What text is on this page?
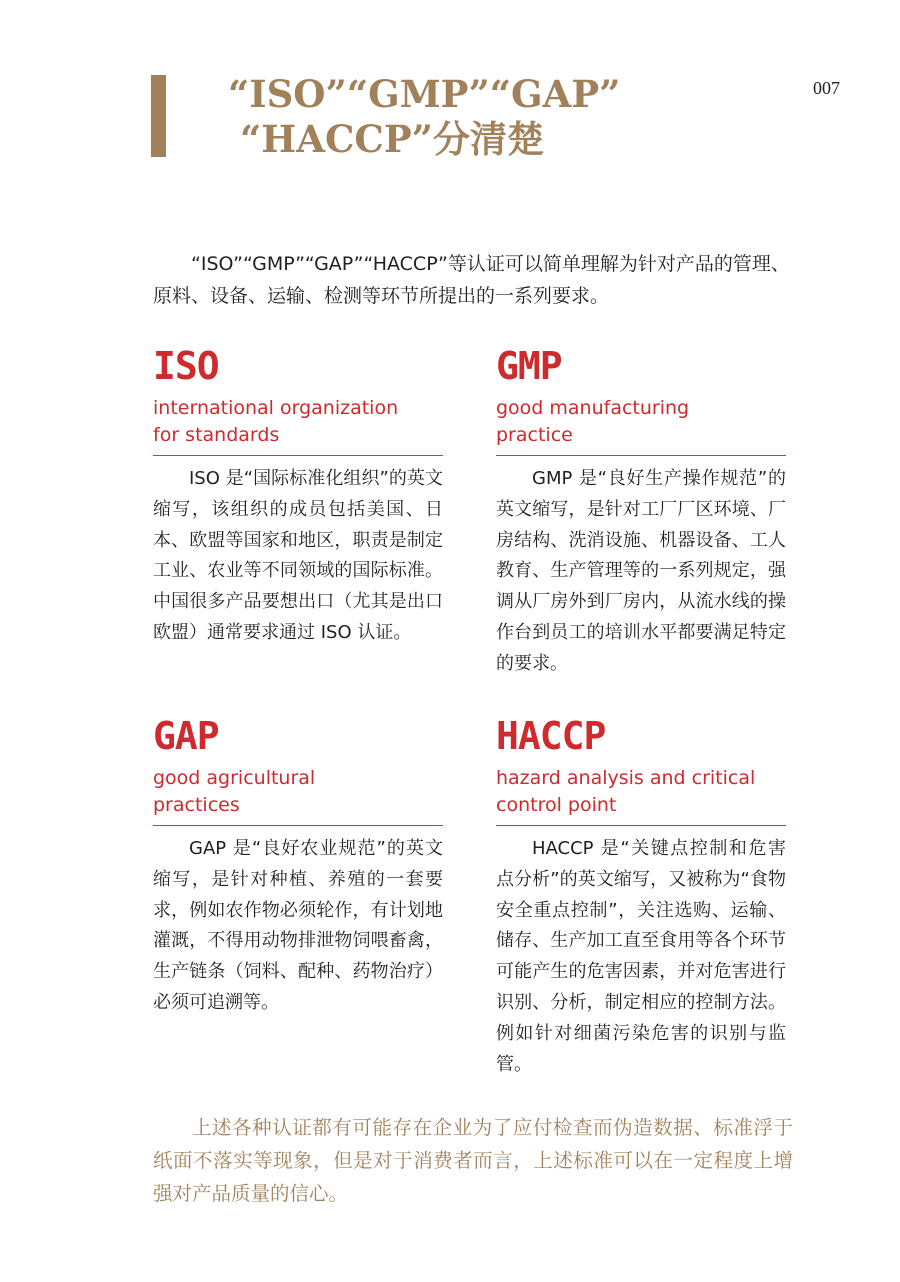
“ISO”“GMP”“GAP”
“HACCP”分清楚
007
“ISO”“GMP”“GAP”“HACCP”等认证可以简单理解为针对产品的管理、原料、设备、运输、检测等环节所提出的一系列要求。
ISO
international organization
for standards
ISO 是“国际标准化组织”的英文缩写，该组织的成员包括美国、日本、欧盟等国家和地区，职责是制定工业、农业等不同领域的国际标准。中国很多产品要想出口（尤其是出口欧盟）通常要求通过 ISO 认证。
GMP
good manufacturing
practice
GMP 是“良好生产操作规范”的英文缩写，是针对工厂厂区环境、厂房结构、洗消设施、机器设备、工人教育、生产管理等的一系列规定，强调从厂房外到厂房内，从流水线的操作台到员工的培训水平都要满足特定的要求。
GAP
good agricultural
practices
GAP 是“良好农业规范”的英文缩写，是针对种植、养殖的一套要求，例如农作物必须轮作，有计划地灌溉，不得用动物排泄物饲喂畜禽，生产链条（饲料、配种、药物治疗）必须可追溯等。
HACCP
hazard analysis and critical
control point
HACCP 是“关键点控制和危害点分析”的英文缩写，又被称为“食物安全重点控制”，关注选购、运输、储存、生产加工直至食用等各个环节可能产生的危害因素，并对危害进行识别、分析，制定相应的控制方法。例如针对细菌污染危害的识别与监管。
上述各种认证都有可能存在企业为了应付检查而伪造数据、标准浮于纸面不落实等现象，但是对于消费者而言，上述标准可以在一定程度上增强对产品质量的信心。
